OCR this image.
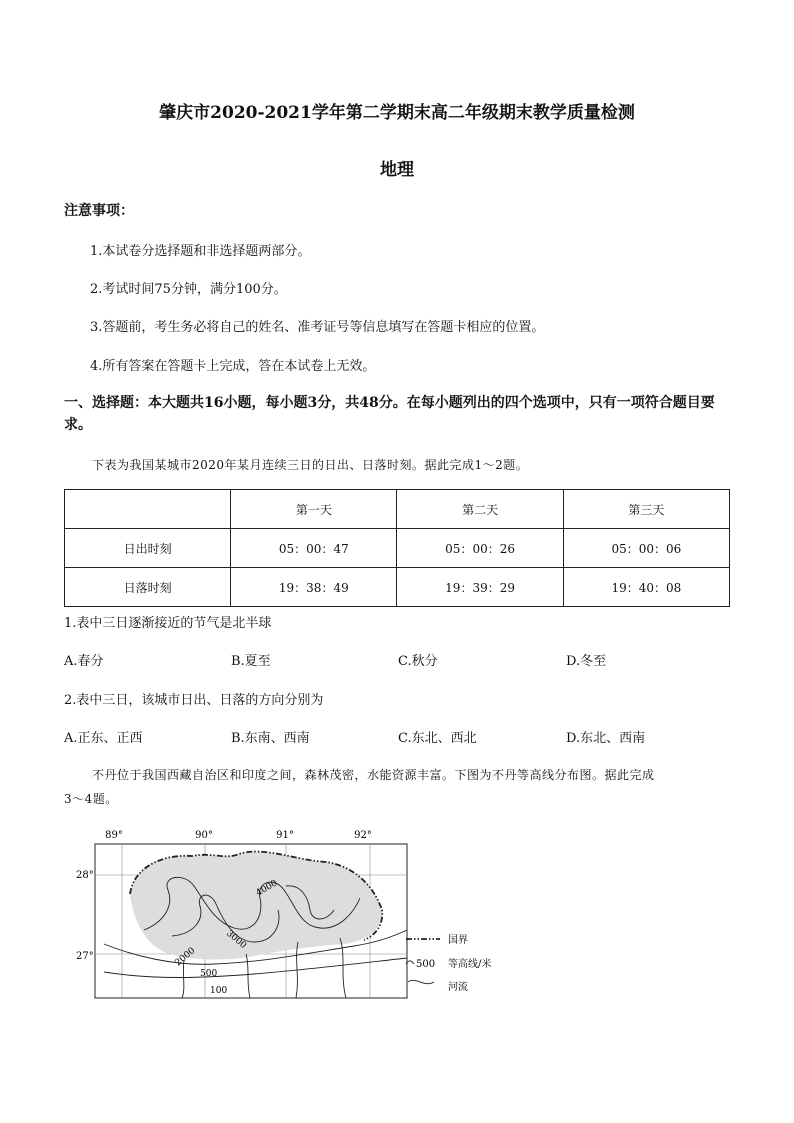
肇庆市2020-2021学年第二学期末高二年级期末教学质量检测
地理
注意事项：
1.本试卷分选择题和非选择题两部分。
2.考试时间75分钟，满分100分。
3.答题前，考生务必将自己的姓名、准考证号等信息填写在答题卡相应的位置。
4.所有答案在答题卡上完成，答在本试卷上无效。
一、选择题：本大题共16小题，每小题3分，共48分。在每小题列出的四个选项中，只有一项符合题目要求。
下表为我国某城市2020年某月连续三日的日出、日落时刻。据此完成1～2题。
	第一天	第二天	第三天
日出时刻	05：00：47	05：00：26	05：00：06
日落时刻	19：38：49	19：39：29	19：40：08
1.表中三日逐渐接近的节气是北半球
A.春分	B.夏至	C.秋分	D.冬至
2.表中三日，该城市日出、日落的方向分别为
A.正东、正西	B.东南、西南	C.东北、西北	D.东北、西南
不丹位于我国西藏自治区和印度之间，森林茂密，水能资源丰富。下图为不丹等高线分布图。据此完成
3～4题。
89°	90°	91°	92°
28°
27°
4000
3000
2000
500
100
国界
500 等高线/米
河流
